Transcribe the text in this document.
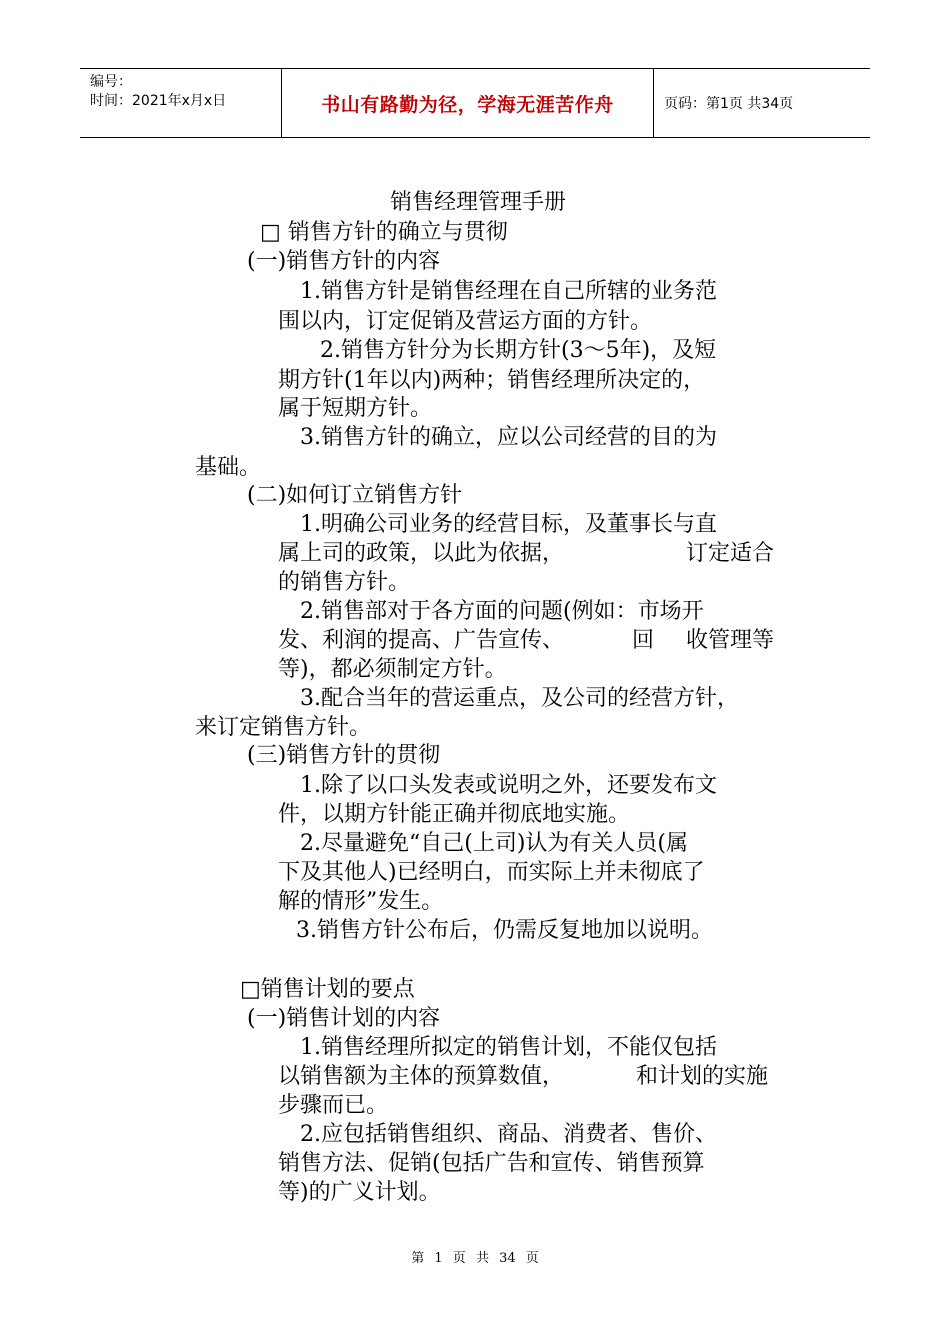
编号：
时间：2021年x月x日	书山有路勤为径，学海无涯苦作舟	页码：第1页 共34页
销售经理管理手册
□ 销售方针的确立与贯彻
(一)销售方针的内容
1.销售方针是销售经理在自己所辖的业务范
围以内，订定促销及营运方面的方针。
2.销售方针分为长期方针(3～5年)，及短
期方针(1年以内)两种；销售经理所决定的，
属于短期方针。
3.销售方针的确立，应以公司经营的目的为
基础。
(二)如何订立销售方针
1.明确公司业务的经营目标，及董事长与直
属上司的政策，以此为依据，	订定适合
的销售方针。
2.销售部对于各方面的问题(例如：市场开
发、利润的提高、广告宣传、	回 收管理等
等)，都必须制定方针。
3.配合当年的营运重点，及公司的经营方针，
来订定销售方针。
(三)销售方针的贯彻
1.除了以口头发表或说明之外，还要发布文
件，以期方针能正确并彻底地实施。
2.尽量避免“自己(上司)认为有关人员(属
下及其他人)已经明白，而实际上并未彻底了
解的情形”发生。
3.销售方针公布后，仍需反复地加以说明。
□销售计划的要点
(一)销售计划的内容
1.销售经理所拟定的销售计划，不能仅包括
以销售额为主体的预算数值，	和计划的实施
步骤而已。
2.应包括销售组织、商品、消费者、售价、
销售方法、促销(包括广告和宣传、销售预算
等)的广义计划。
第 1 页 共 34 页
